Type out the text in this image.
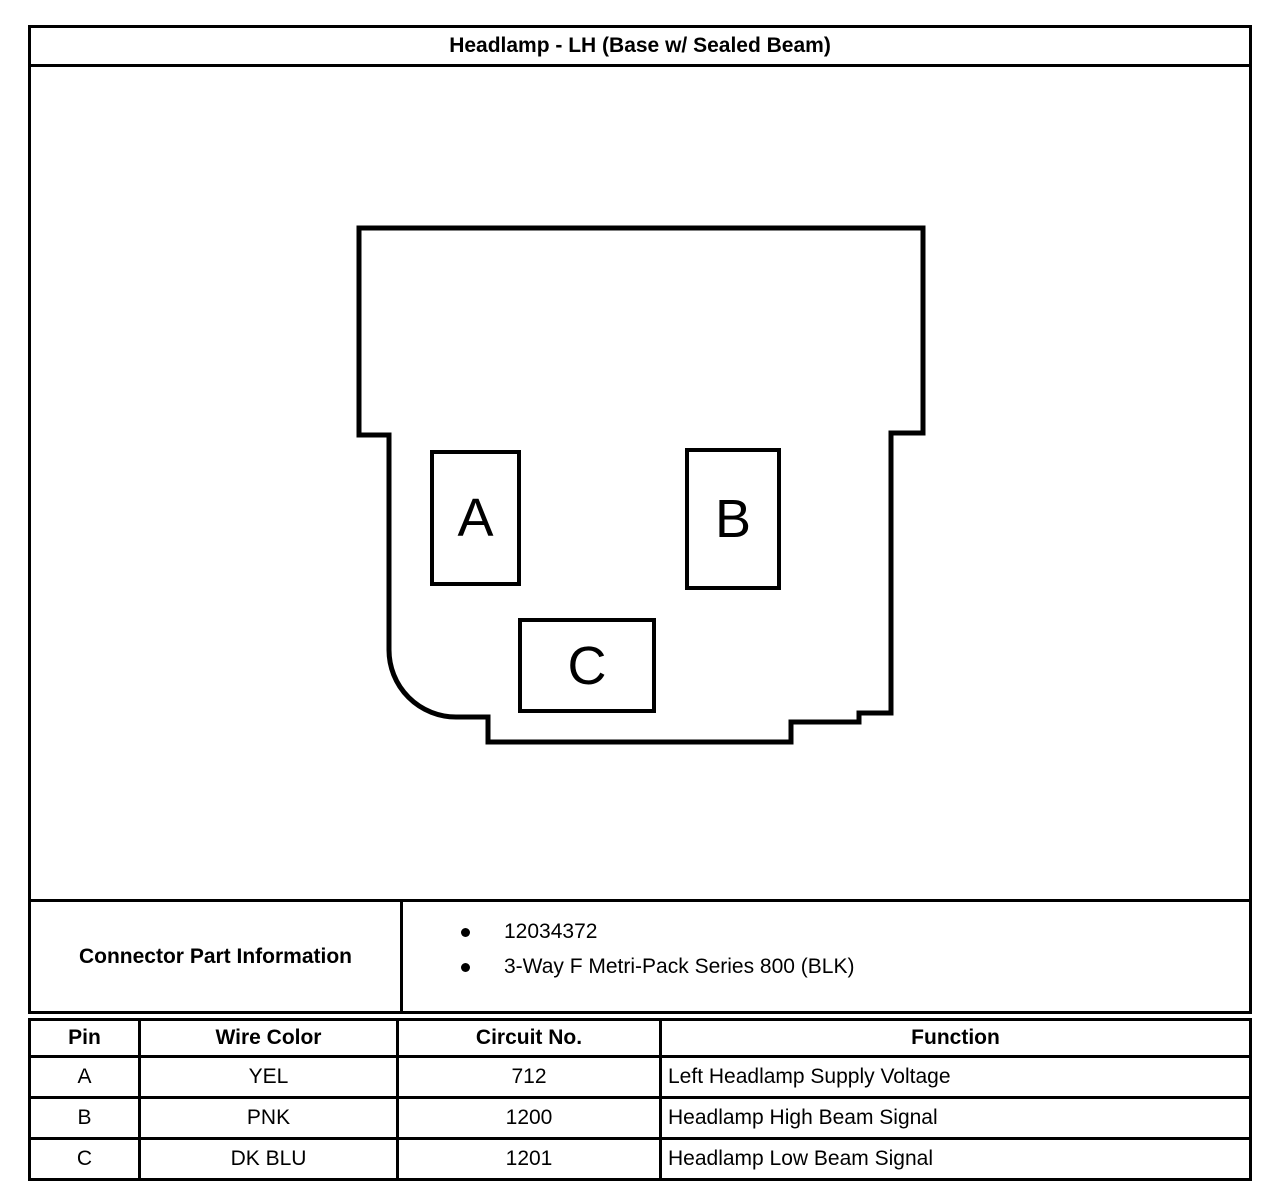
Headlamp - LH (Base w/ Sealed Beam)
A	B
C
Connector Part Information
12034372
3-Way F Metri-Pack Series 800 (BLK)
Pin	Wire Color	Circuit No.	Function
A	YEL	712	Left Headlamp Supply Voltage
B	PNK	1200	Headlamp High Beam Signal
C	DK BLU	1201	Headlamp Low Beam Signal
